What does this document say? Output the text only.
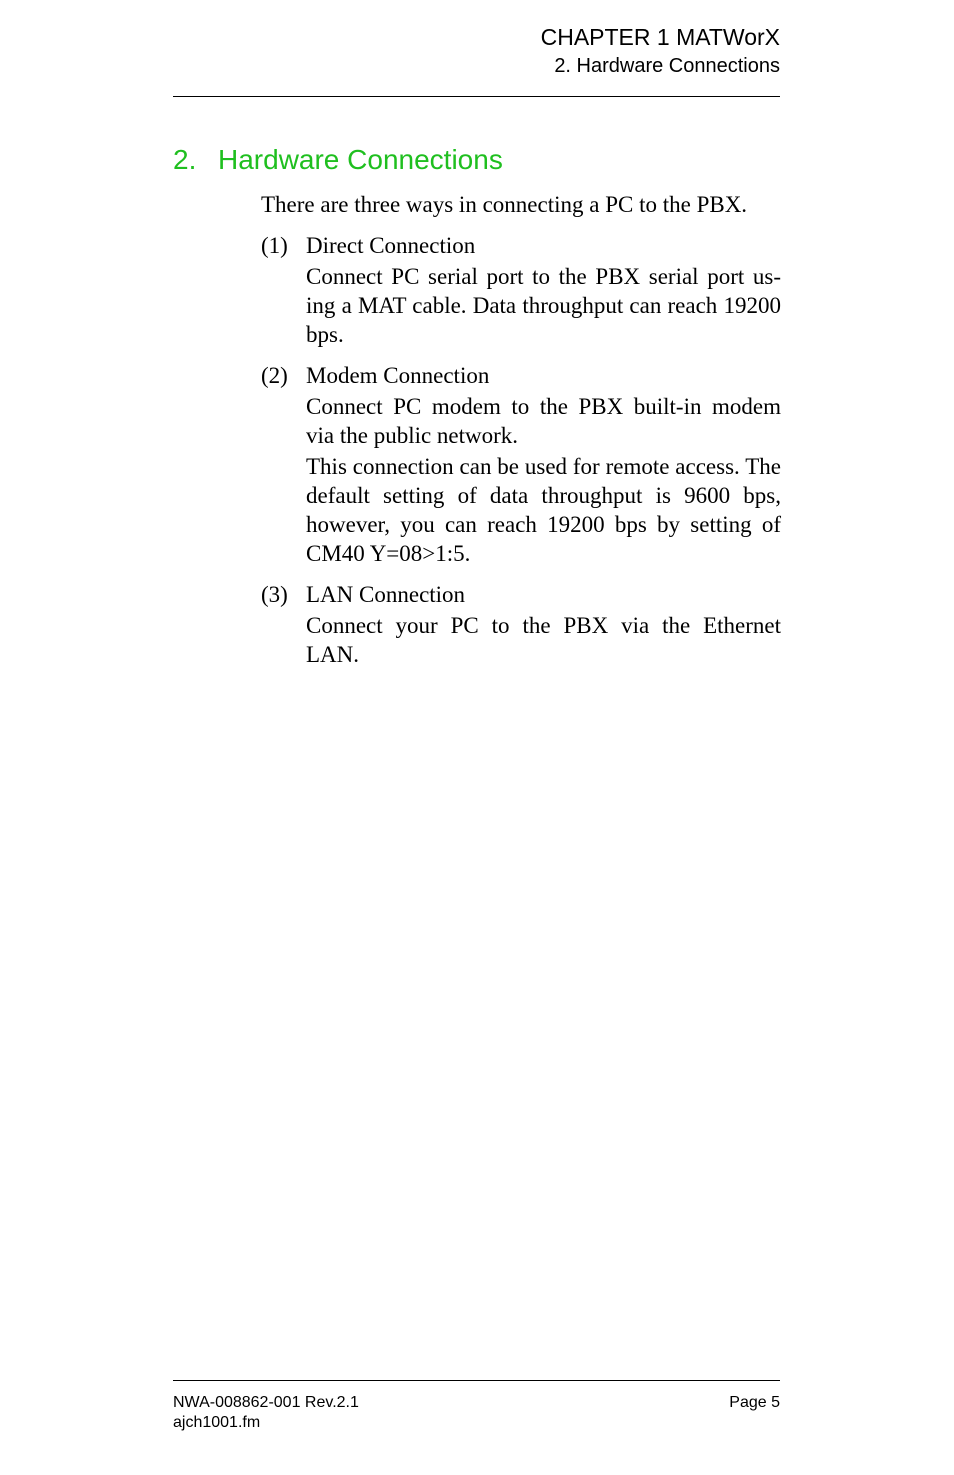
CHAPTER 1 MATWorX
2. Hardware Connections
2. Hardware Connections

There are three ways in connecting a PC to the PBX.

(1) Direct Connection

Connect PC serial port to the PBX serial port us-ing a MAT cable. Data throughput can reach 19200 bps.

(2) Modem Connection

Connect PC modem to the PBX built-in modem via the public network.

This connection can be used for remote access. The default setting of data throughput is 9600 bps, however, you can reach 19200 bps by setting of CM40 Y=08>1:5.

(3) LAN Connection

Connect your PC to the PBX via the Ethernet LAN.

NWA-008862-001 Rev.2.1
ajch1001.fm
Page 5
